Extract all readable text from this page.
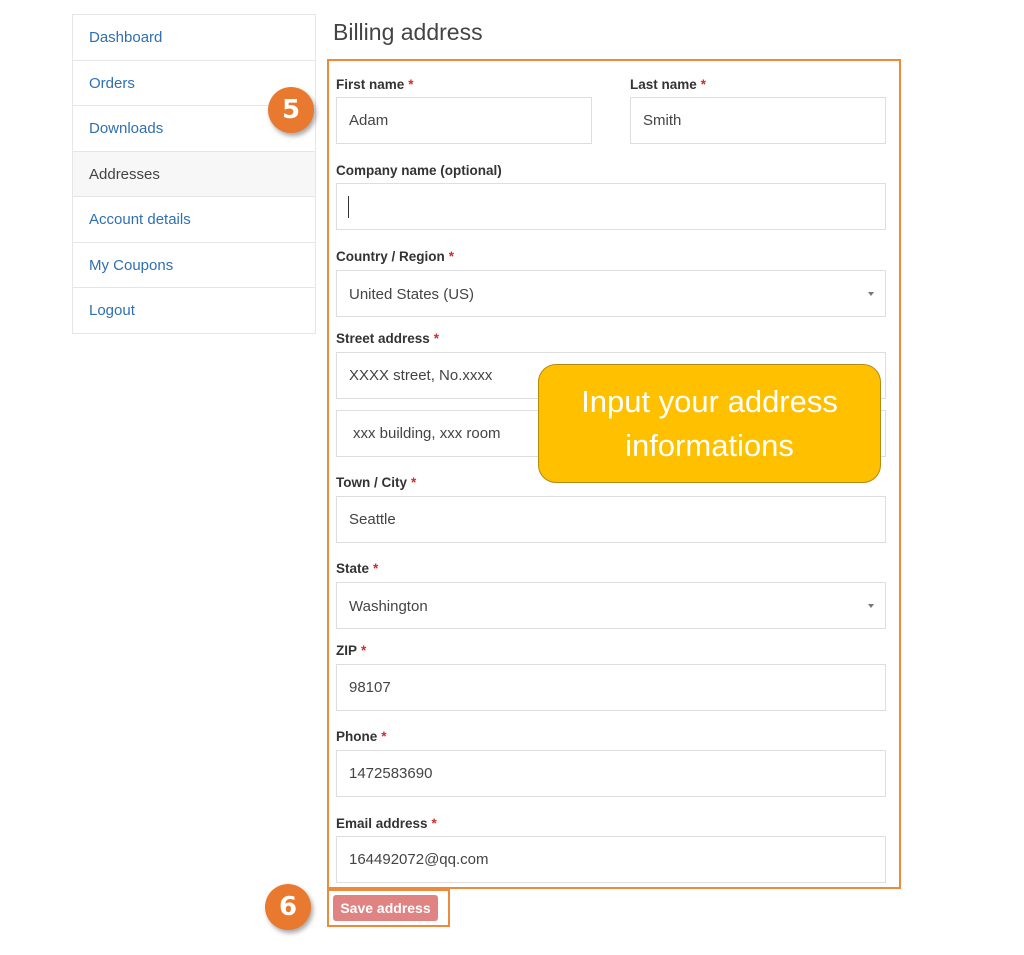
Dashboard
Orders
Downloads
Addresses
Account details
My Coupons
Logout
Billing address
First name *
Adam	Last name *
Smith
Company name (optional)
Country / Region *
United States (US)
Street address *
XXXX street, No.xxxx
xxx building, xxx room
Town / City *
Seattle
State *
Washington
ZIP *
98107
Phone *
1472583690
Email address *
164492072@qq.com
Save address
5
6
Input your address informations
